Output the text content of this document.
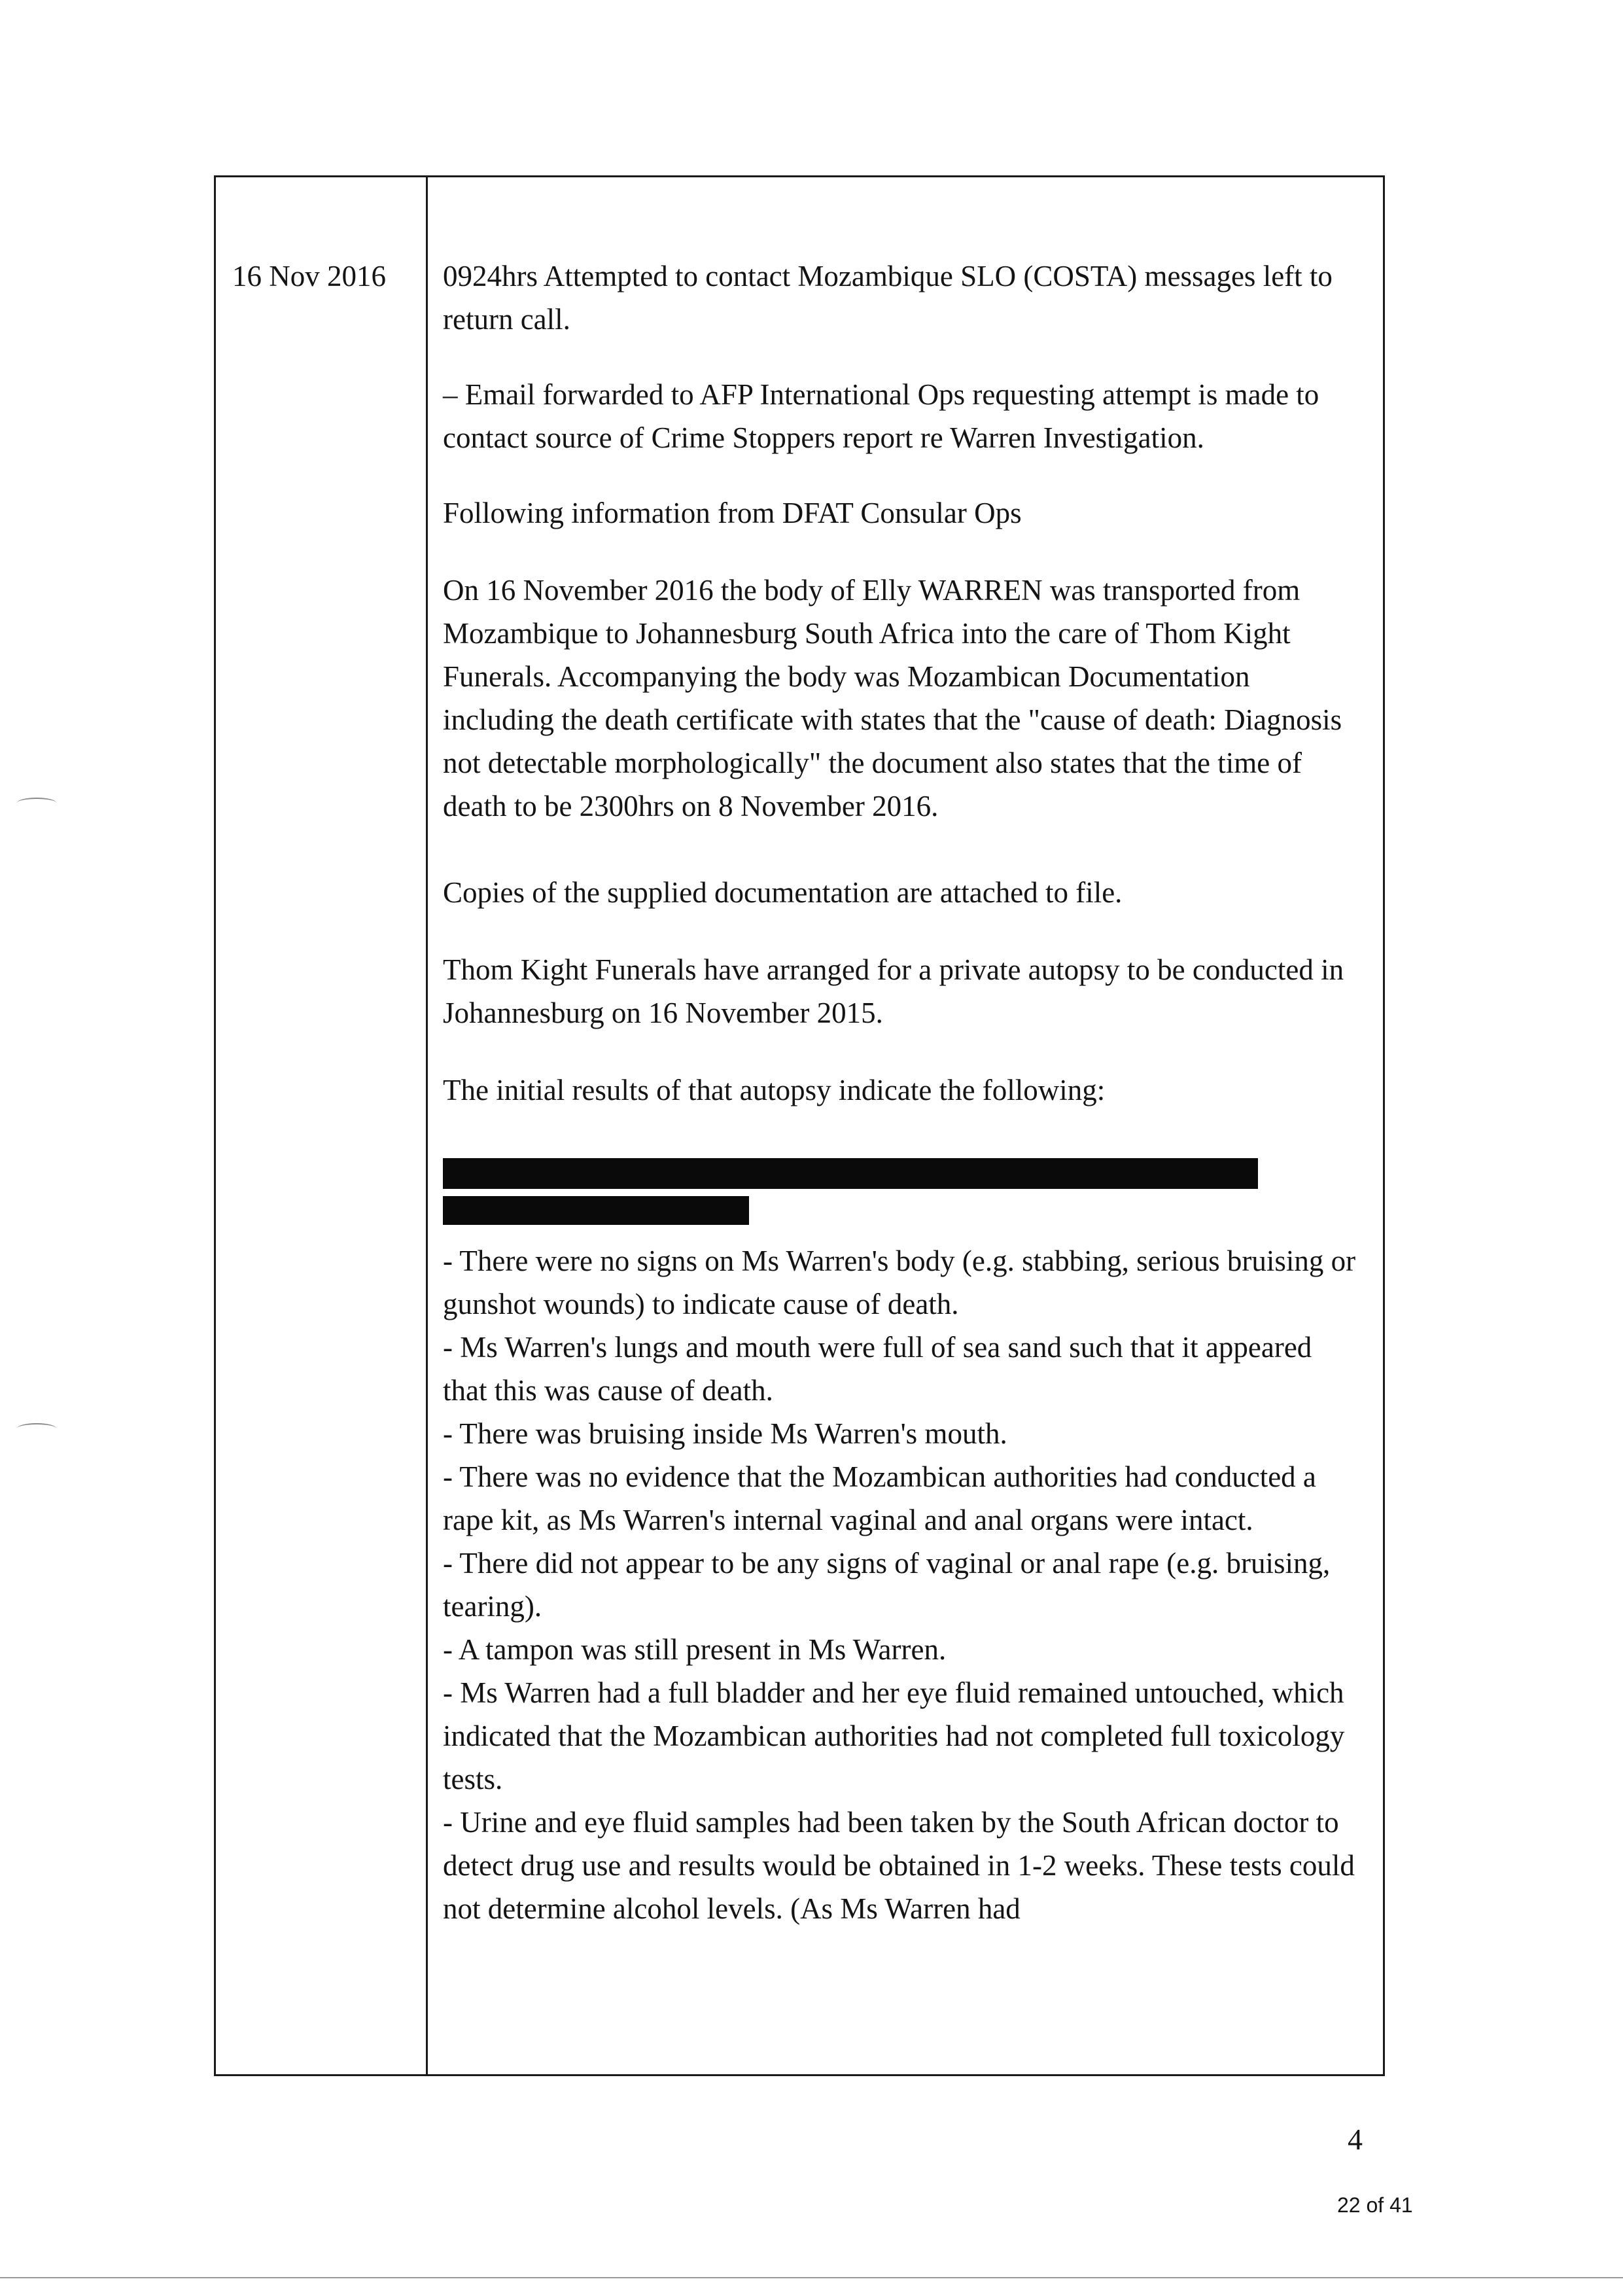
16 Nov 2016 0924hrs Attempted to contact Mozambique SLO (COSTA) messages left to return call.

– Email forwarded to AFP International Ops requesting attempt is made to contact source of Crime Stoppers report re Warren Investigation.

Following information from DFAT Consular Ops

On 16 November 2016 the body of Elly WARREN was transported from Mozambique to Johannesburg South Africa into the care of Thom Kight Funerals. Accompanying the body was Mozambican Documentation including the death certificate with states that the "cause of death: Diagnosis not detectable morphologically" the document also states that the time of death to be 2300hrs on 8 November 2016.

Copies of the supplied documentation are attached to file.

Thom Kight Funerals have arranged for a private autopsy to be conducted in Johannesburg on 16 November 2015.

The initial results of that autopsy indicate the following:

- There were no signs on Ms Warren's body (e.g. stabbing, serious bruising or gunshot wounds) to indicate cause of death.

- Ms Warren's lungs and mouth were full of sea sand such that it appeared that this was cause of death.

- There was bruising inside Ms Warren's mouth.

- There was no evidence that the Mozambican authorities had conducted a rape kit, as Ms Warren's internal vaginal and anal organs were intact.

- There did not appear to be any signs of vaginal or anal rape (e.g. bruising, tearing).

- A tampon was still present in Ms Warren.

- Ms Warren had a full bladder and her eye fluid remained untouched, which indicated that the Mozambican authorities had not completed full toxicology tests.

- Urine and eye fluid samples had been taken by the South African doctor to detect drug use and results would be obtained in 1-2 weeks. These tests could not determine alcohol levels. (As Ms Warren had

4
22 of 41
